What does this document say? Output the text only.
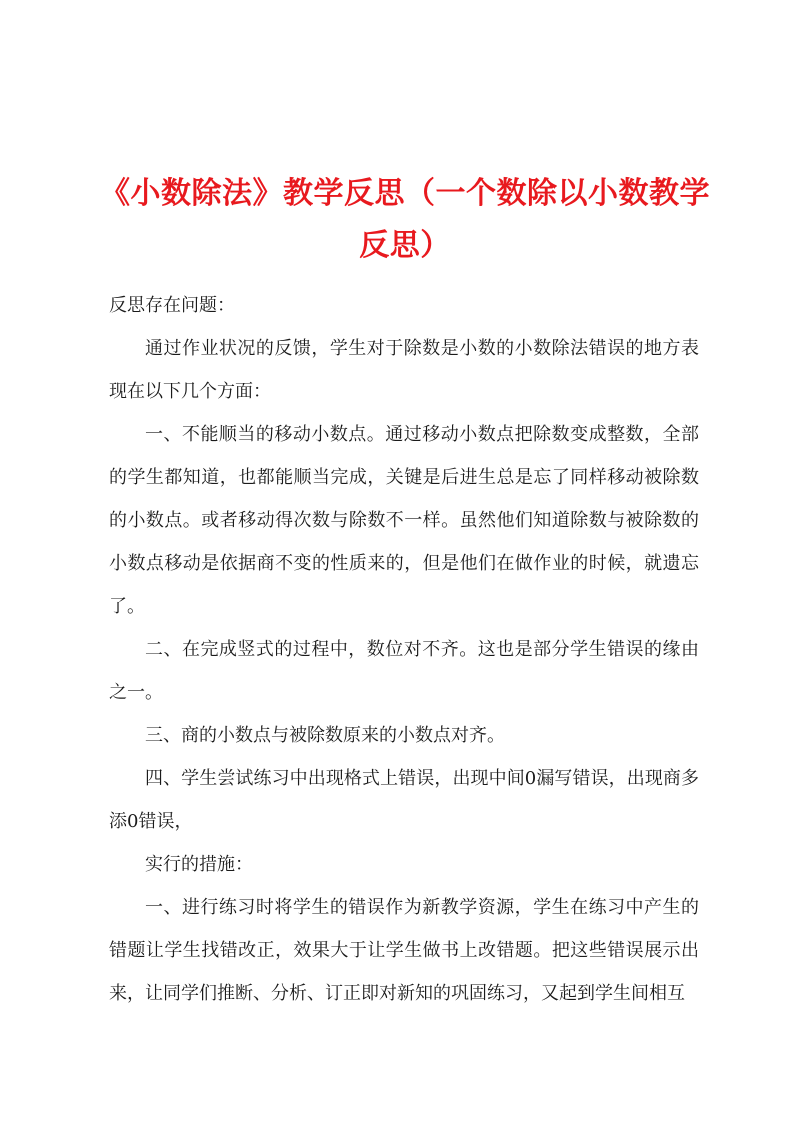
《小数除法》教学反思（一个数除以小数教学反思）

反思存在问题：

通过作业状况的反馈，学生对于除数是小数的小数除法错误的地方表现在以下几个方面：

一、不能顺当的移动小数点。通过移动小数点把除数变成整数，全部的学生都知道，也都能顺当完成，关键是后进生总是忘了同样移动被除数的小数点。或者移动得次数与除数不一样。虽然他们知道除数与被除数的小数点移动是依据商不变的性质来的，但是他们在做作业的时候，就遗忘了。

二、在完成竖式的过程中，数位对不齐。这也是部分学生错误的缘由之一。

三、商的小数点与被除数原来的小数点对齐。

四、学生尝试练习中出现格式上错误，出现中间0漏写错误，出现商多添0错误，

实行的措施：

一、进行练习时将学生的错误作为新教学资源，学生在练习中产生的错题让学生找错改正，效果大于让学生做书上改错题。把这些错误展示出来，让同学们推断、分析、订正即对新知的巩固练习，又起到学生间相互
